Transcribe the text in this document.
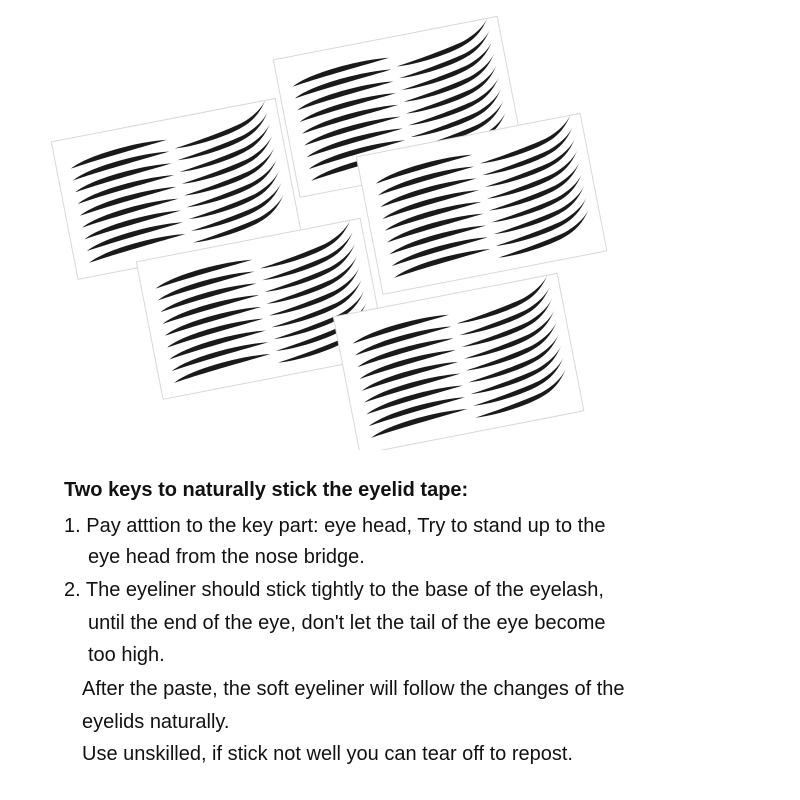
Two keys to naturally stick the eyelid tape:
1. Pay atttion to the key part: eye head, Try to stand up to the
eye head from the nose bridge.
2. The eyeliner should stick tightly to the base of the eyelash,
until the end of the eye, don't let the tail of the eye become
too high.
After the paste, the soft eyeliner will follow the changes of the
eyelids naturally.
Use unskilled, if stick not well you can tear off to repost.
